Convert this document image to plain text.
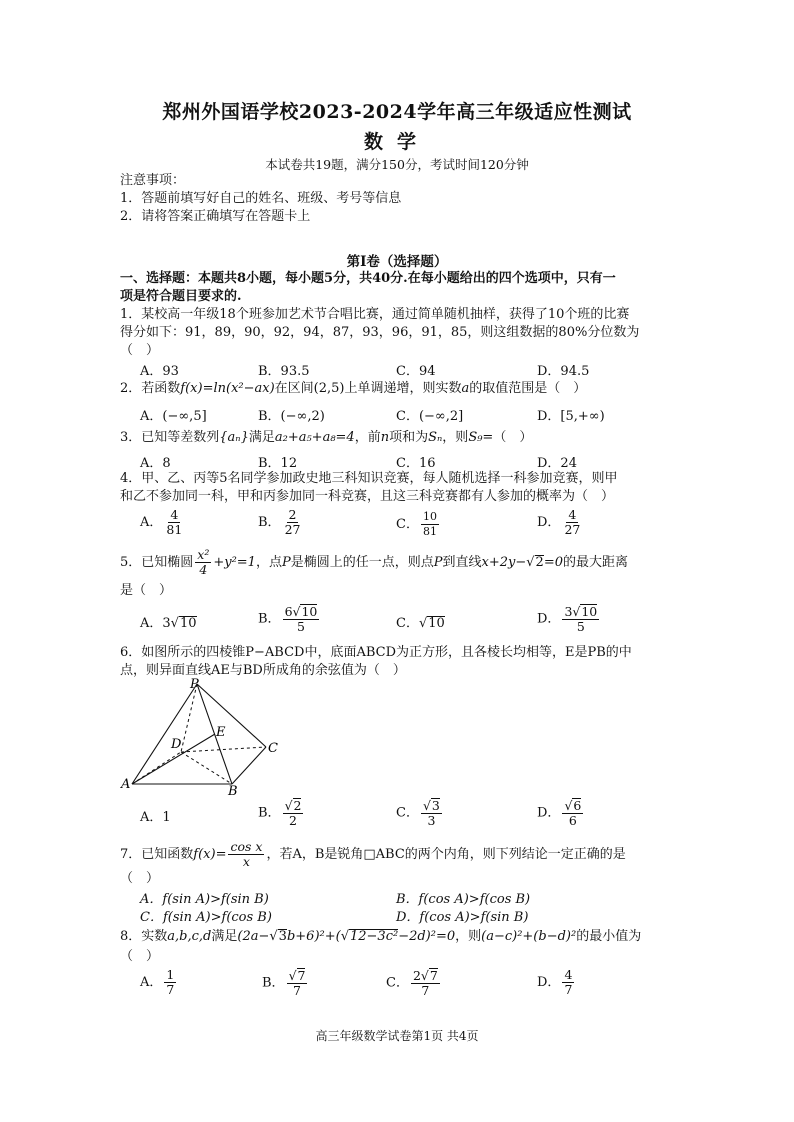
郑州外国语学校2023-2024学年高三年级适应性测试
数学
本试卷共19题，满分150分，考试时间120分钟
注意事项：
1．答题前填写好自己的姓名、班级、考号等信息
2．请将答案正确填写在答题卡上
第Ⅰ卷（选择题）
一、选择题：本题共8小题，每小题5分，共40分.在每小题给出的四个选项中，只有一
项是符合题目要求的.
1．某校高一年级18个班参加艺术节合唱比赛，通过简单随机抽样，获得了10个班的比赛
得分如下：91，89，90，92，94，87，93，96，91，85，则这组数据的80%分位数为
（　）
A．93	B．93.5	C．94	D．94.5
2．若函数f(x)=ln(x²−ax)在区间(2,5)上单调递增，则实数a的取值范围是（　）
A．(−∞,5]	B．(−∞,2)	C．(−∞,2]	D．[5,+∞)
3．已知等差数列{aₙ}满足a₂+a₅+a₈=4，前n项和为Sₙ，则S₉=（　）
A．8	B．12	C．16	D．24
4．甲、乙、丙等5名同学参加政史地三科知识竞赛，每人随机选择一科参加竞赛，则甲
和乙不参加同一科，甲和丙参加同一科竞赛，且这三科竞赛都有人参加的概率为（　）
A． $\frac{4}{81}$	B． $\frac{2}{27}$	C． $\frac{10}{81}$	D． $\frac{4}{27}$
5．已知椭圆 $\frac{\text{x²}}{4} +y^2=1$，点P是椭圆上的任一点，则点P到直线x+2y−√2=0的最大距离
是（　）
A．3√10	B． $\frac{6√10}{5}$	C．√10	D． $\frac{3√10}{5}$
6．如图所示的四棱锥P−ABCD中，底面ABCD为正方形，且各棱长均相等，E是PB的中
点，则异面直线AE与BD所成角的余弦值为（　）
P
E
D	C
A	B
A．1	B． $\frac{√2}{2}$	C． $\frac{√3}{3}$	D． $\frac{√6}{6}$
7．已知函数$f(x)= \frac{\text{cos x}}{x}$ ，若A，B是锐角□ABC的两个内角，则下列结论一定正确的是
（　）
A．f(sin A)>f(sin B)	B．f(cos A)>f(cos B)
C．f(sin A)>f(cos B)	D．f(cos A)>f(sin B)
8．实数a,b,c,d满足(2a−√3b+6)²+(√12−3c²−2d)²=0，则(a−c)²+(b−d)²的最小值为
（　）
A． $\frac{1}{7}$	B． $\frac{√7}{7}$	C． $\frac{2√7}{7}$	D． $\frac{4}{7}$
高三年级数学试卷第1页 共4页
